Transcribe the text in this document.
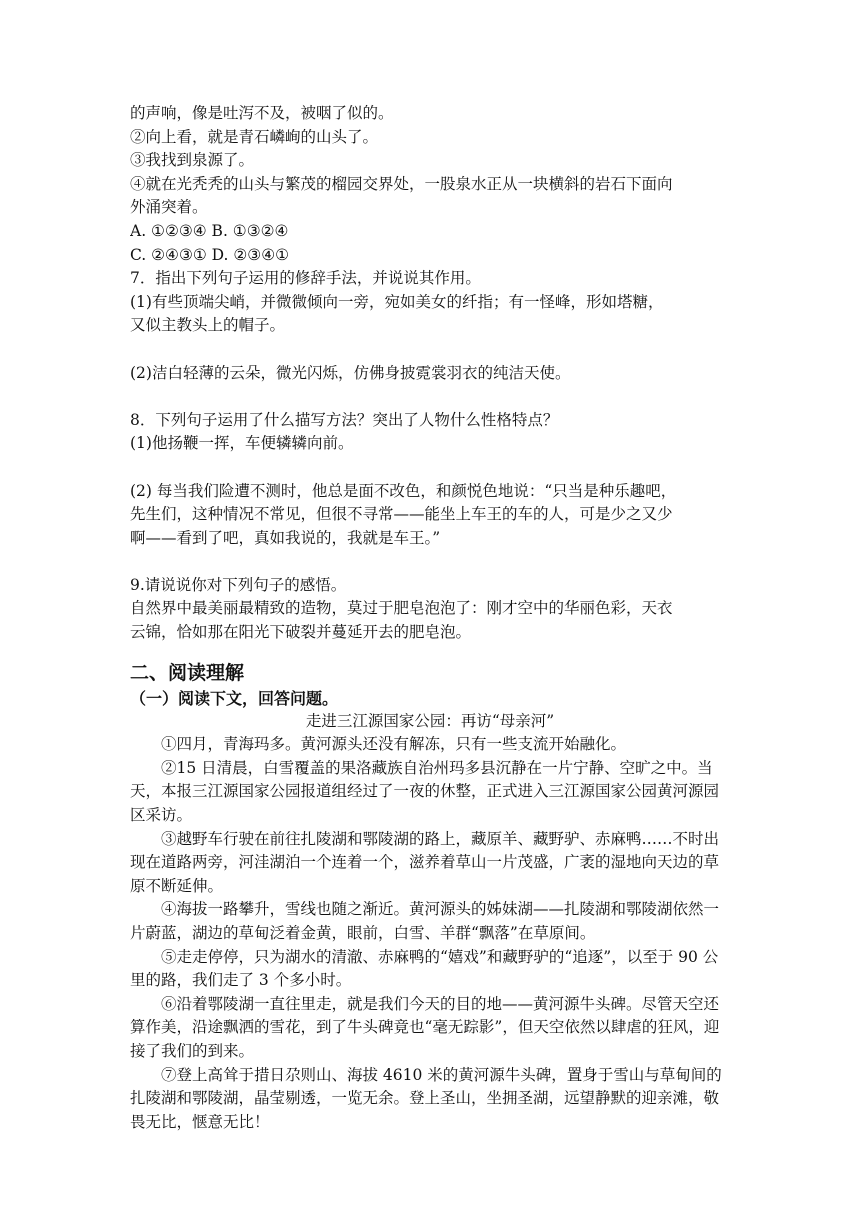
的声响，像是吐泻不及，被咽了似的。
②向上看，就是青石嶙峋的山头了。
③我找到泉源了。
④就在光秃秃的山头与繁茂的榴园交界处，一股泉水正从一块横斜的岩石下面向
外涌突着。
A. ①②③④ B. ①③②④
C. ②④③① D. ②③④①
7．指出下列句子运用的修辞手法，并说说其作用。
(1)有些顶端尖峭，并微微倾向一旁，宛如美女的纤指；有一怪峰，形如塔糖，
又似主教头上的帽子。
(2)洁白轻薄的云朵，微光闪烁，仿佛身披霓裳羽衣的纯洁天使。
8．下列句子运用了什么描写方法？突出了人物什么性格特点？
(1)他扬鞭一挥，车便辚辚向前。
(2) 每当我们险遭不测时，他总是面不改色，和颜悦色地说：“只当是种乐趣吧，
先生们，这种情况不常见，但很不寻常——能坐上车王的车的人，可是少之又少
啊——看到了吧，真如我说的，我就是车王。”
9.请说说你对下列句子的感悟。
自然界中最美丽最精致的造物，莫过于肥皂泡泡了：刚才空中的华丽色彩，天衣
云锦，恰如那在阳光下破裂并蔓延开去的肥皂泡。
二、阅读理解
（一）阅读下文，回答问题。
走进三江源国家公园：再访“母亲河”
①四月，青海玛多。黄河源头还没有解冻，只有一些支流开始融化。
②15 日清晨，白雪覆盖的果洛藏族自治州玛多县沉静在一片宁静、空旷之中。当天，本报三江源国家公园报道组经过了一夜的休整，正式进入三江源国家公园黄河源园区采访。
③越野车行驶在前往扎陵湖和鄂陵湖的路上，藏原羊、藏野驴、赤麻鸭……不时出现在道路两旁，河洼湖泊一个连着一个，滋养着草山一片茂盛，广袤的湿地向天边的草原不断延伸。
④海拔一路攀升，雪线也随之渐近。黄河源头的姊妹湖——扎陵湖和鄂陵湖依然一片蔚蓝，湖边的草甸泛着金黄，眼前，白雪、羊群“飘落”在草原间。
⑤走走停停，只为湖水的清澈、赤麻鸭的“嬉戏”和藏野驴的“追逐”，以至于 90 公里的路，我们走了 3 个多小时。
⑥沿着鄂陵湖一直往里走，就是我们今天的目的地——黄河源牛头碑。尽管天空还算作美，沿途飘洒的雪花，到了牛头碑竟也“毫无踪影”，但天空依然以肆虐的狂风，迎接了我们的到来。
⑦登上高耸于措日尕则山、海拔 4610 米的黄河源牛头碑，置身于雪山与草甸间的扎陵湖和鄂陵湖，晶莹剔透，一览无余。登上圣山，坐拥圣湖，远望静默的迎亲滩，敬畏无比，惬意无比！
